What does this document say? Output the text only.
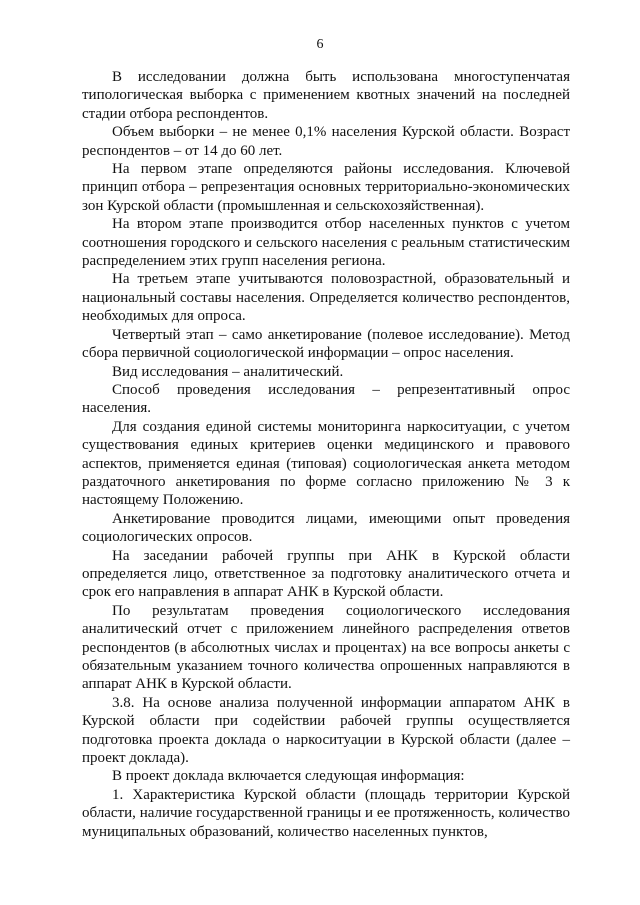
6

В исследовании должна быть использована многоступенчатая типологическая выборка с применением квотных значений на последней стадии отбора респондентов.

Объем выборки – не менее 0,1% населения Курской области. Возраст респондентов – от 14 до 60 лет.

На первом этапе определяются районы исследования. Ключевой принцип отбора – репрезентация основных территориально-экономических зон Курской области (промышленная и сельскохозяйственная).

На втором этапе производится отбор населенных пунктов с учетом соотношения городского и сельского населения с реальным статистическим распределением этих групп населения региона.

На третьем этапе учитываются половозрастной, образовательный и национальный составы населения. Определяется количество респондентов, необходимых для опроса.

Четвертый этап – само анкетирование (полевое исследование). Метод сбора первичной социологической информации – опрос населения.

Вид исследования – аналитический.

Способ проведения исследования – репрезентативный опрос населения.

Для создания единой системы мониторинга наркоситуации, с учетом существования единых критериев оценки медицинского и правового аспектов, применяется единая (типовая) социологическая анкета методом раздаточного анкетирования по форме согласно приложению № 3 к настоящему Положению.

Анкетирование проводится лицами, имеющими опыт проведения социологических опросов.

На заседании рабочей группы при АНК в Курской области определяется лицо, ответственное за подготовку аналитического отчета и срок его направления в аппарат АНК в Курской области.

По результатам проведения социологического исследования аналитический отчет с приложением линейного распределения ответов респондентов (в абсолютных числах и процентах) на все вопросы анкеты с обязательным указанием точного количества опрошенных направляются в аппарат АНК в Курской области.

3.8. На основе анализа полученной информации аппаратом АНК в Курской области при содействии рабочей группы осуществляется подготовка проекта доклада о наркоситуации в Курской области (далее – проект доклада).

В проект доклада включается следующая информация:

1. Характеристика Курской области (площадь территории Курской области, наличие государственной границы и ее протяженность, количество муниципальных образований, количество населенных пунктов,
